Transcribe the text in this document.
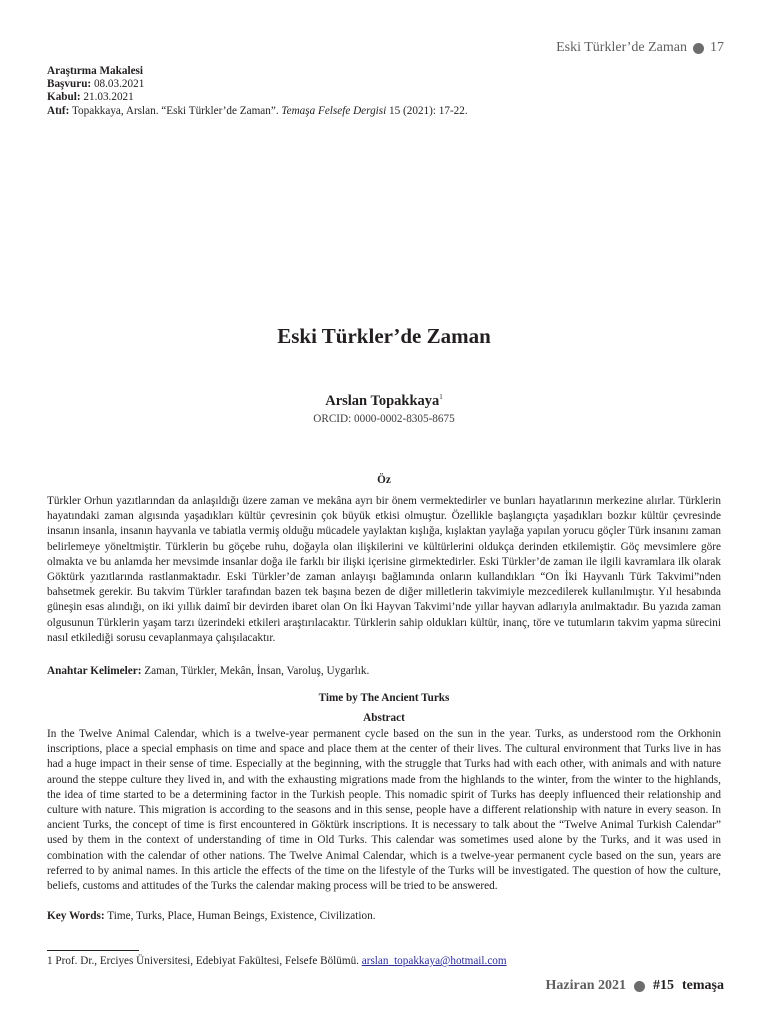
Eski Türkler’de Zaman 17
Araştırma Makalesi
Başvuru: 08.03.2021
Kabul: 21.03.2021
Atıf: Topakkaya, Arslan. “Eski Türkler’de Zaman”. Temaşa Felsefe Dergisi 15 (2021): 17-22.
Eski Türkler’de Zaman
Arslan Topakkaya$^1$
ORCID: 0000-0002-8305-8675
Öz
Türkler Orhun yazıtlarından da anlaşıldığı üzere zaman ve mekâna ayrı bir önem vermektedirler ve bunları hayatlarının merkezine alırlar. Türklerin hayatındaki zaman algısında yaşadıkları kültür çevresinin çok büyük etkisi olmuştur. Özellikle başlangıçta yaşadıkları bozkır kültür çevresinde insanın insanla, insanın hayvanla ve tabiatla vermiş olduğu mücadele yaylaktan kışlığa, kışlaktan yaylağa yapılan yorucu göçler Türk insanını zaman belirlemeye yöneltmiştir. Türklerin bu göçebe ruhu, doğayla olan ilişkilerini ve kültürlerini oldukça derinden etkilemiştir. Göç mevsimlere göre olmakta ve bu anlamda her mevsimde insanlar doğa ile farklı bir ilişki içerisine girmektedirler. Eski Türkler’de zaman ile ilgili kavramlara ilk olarak Göktürk yazıtlarında rastlanmaktadır. Eski Türkler’de zaman anlayışı bağlamında onların kullandıkları “On İki Hayvanlı Türk Takvimi”nden bahsetmek gerekir. Bu takvim Türkler tarafından bazen tek başına bezen de diğer milletlerin takvimiyle mezcedilerek kullanılmıştır. Yıl hesabında güneşin esas alındığı, on iki yıllık daimî bir devirden ibaret olan On İki Hayvan Takvimi’nde yıllar hayvan adlarıyla anılmaktadır. Bu yazıda zaman olgusunun Türklerin yaşam tarzı üzerindeki etkileri araştırılacaktır. Türklerin sahip oldukları kültür, inanç, töre ve tutumların takvim yapma sürecini nasıl etkilediği sorusu cevaplanmaya çalışılacaktır.
Anahtar Kelimeler: Zaman, Türkler, Mekân, İnsan, Varoluş, Uygarlık.
Time by The Ancient Turks
Abstract
In the Twelve Animal Calendar, which is a twelve-year permanent cycle based on the sun in the year. Turks, as understood rom the Orkhonin inscriptions, place a special emphasis on time and space and place them at the center of their lives. The cultural environment that Turks live in has had a huge impact in their sense of time. Especially at the beginning, with the struggle that Turks had with each other, with animals and with nature around the steppe culture they lived in, and with the exhausting migrations made from the highlands to the winter, from the winter to the highlands, the idea of time started to be a determining factor in the Turkish people. This nomadic spirit of Turks has deeply influenced their relationship and culture with nature. This migration is according to the seasons and in this sense, people have a different relationship with nature in every season. In ancient Turks, the concept of time is first encountered in Göktürk inscriptions. It is necessary to talk about the “Twelve Animal Turkish Calendar” used by them in the context of understanding of time in Old Turks. This calendar was sometimes used alone by the Turks, and it was used in combination with the calendar of other nations. The Twelve Animal Calendar, which is a twelve-year permanent cycle based on the sun, years are referred to by animal names. In this article the effects of the time on the lifestyle of the Turks will be investigated. The question of how the culture, beliefs, customs and attitudes of the Turks the calendar making process will be tried to be answered.
Key Words: Time, Turks, Place, Human Beings, Existence, Civilization.
1 Prof. Dr., Erciyes Üniversitesi, Edebiyat Fakültesi, Felsefe Bölümü. arslan_topakkaya@hotmail.com
Haziran 2021 #15 temaşa
